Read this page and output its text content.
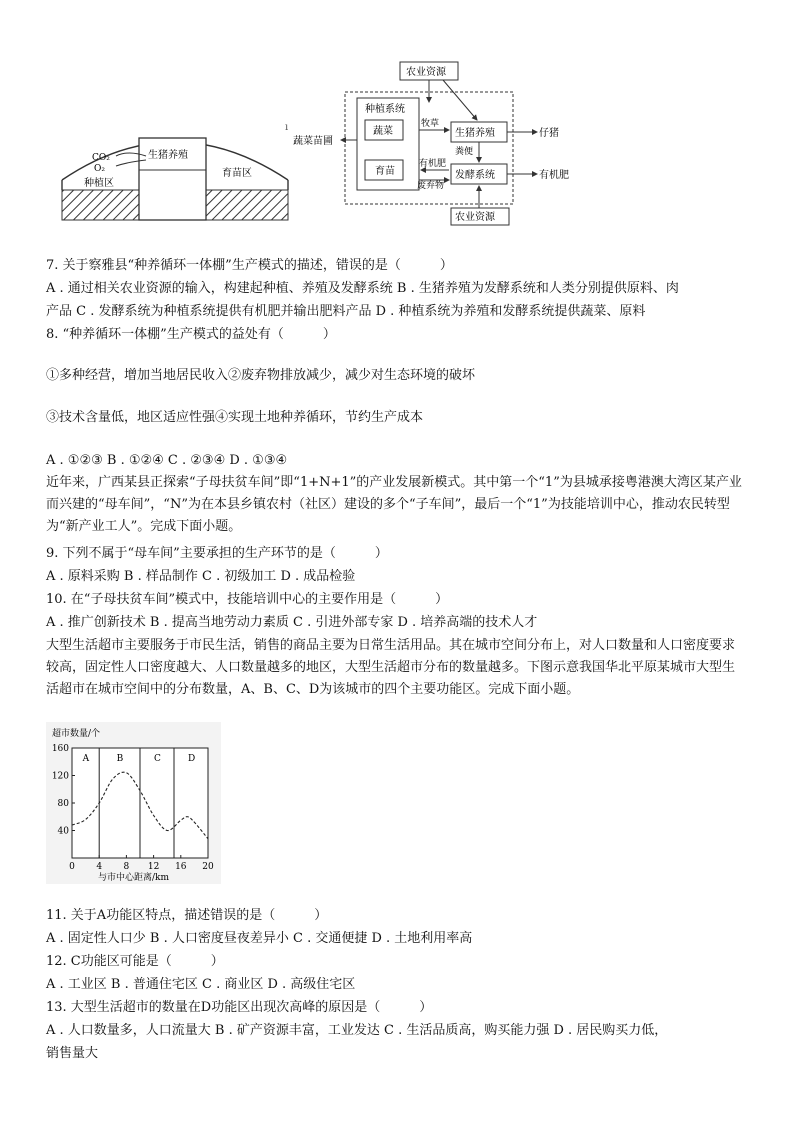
CO₂
O₂
生猪养殖
种植区
育苗区
ı
农业资源
种植系统
蔬菜
育苗
生猪养殖
发酵系统
农业资源
牧草
仔猪
粪便
有机肥
废弃物
有机肥
蔬菜苗圃
7. 关于察雅县“种养循环一体棚”生产模式的描述，错误的是（　　　）
A . 通过相关农业资源的输入，构建起种植、养殖及发酵系统 B . 生猪养殖为发酵系统和人类分别提供原料、肉
产品 C . 发酵系统为种植系统提供有机肥并输出肥料产品 D . 种植系统为养殖和发酵系统提供蔬菜、原料
8. “种养循环一体棚”生产模式的益处有（　　　）
①多种经营，增加当地居民收入②废弃物排放减少，减少对生态环境的破坏
③技术含量低，地区适应性强④实现土地种养循环，节约生产成本
A . ①②③ B . ①②④ C . ②③④ D . ①③④
近年来，广西某县正探索“子母扶贫车间”即“1+N+1”的产业发展新模式。其中第一个“1”为县城承接粤港澳大湾区某产业而兴建的“母车间”，“N”为在本县乡镇农村（社区）建设的多个“子车间”，最后一个“1”为技能培训中心，推动农民转型为“新产业工人”。完成下面小题。
9. 下列不属于“母车间”主要承担的生产环节的是（　　　）
A . 原料采购 B . 样品制作 C . 初级加工 D . 成品检验
10. 在“子母扶贫车间”模式中，技能培训中心的主要作用是（　　　）
A . 推广创新技术 B . 提高当地劳动力素质 C . 引进外部专家 D . 培养高端的技术人才
大型生活超市主要服务于市民生活，销售的商品主要为日常生活用品。其在城市空间分布上，对人口数量和人口密度要求较高，固定性人口密度越大、人口数量越多的地区，大型生活超市分布的数量越多。下图示意我国华北平原某城市大型生活超市在城市空间中的分布数量，A、B、C、D为该城市的四个主要功能区。完成下面小题。
超市数量/个
与市中心距离/km
A	B	C	D
40
80
120
160
0 4 8 12 16 20
11. 关于A功能区特点，描述错误的是（　　　）
A . 固定性人口少 B . 人口密度昼夜差异小 C . 交通便捷 D . 土地利用率高
12. C功能区可能是（　　　）
A . 工业区 B . 普通住宅区 C . 商业区 D . 高级住宅区
13. 大型生活超市的数量在D功能区出现次高峰的原因是（　　　）
A . 人口数量多，人口流量大 B . 矿产资源丰富，工业发达 C . 生活品质高，购买能力强 D . 居民购买力低，
销售量大
